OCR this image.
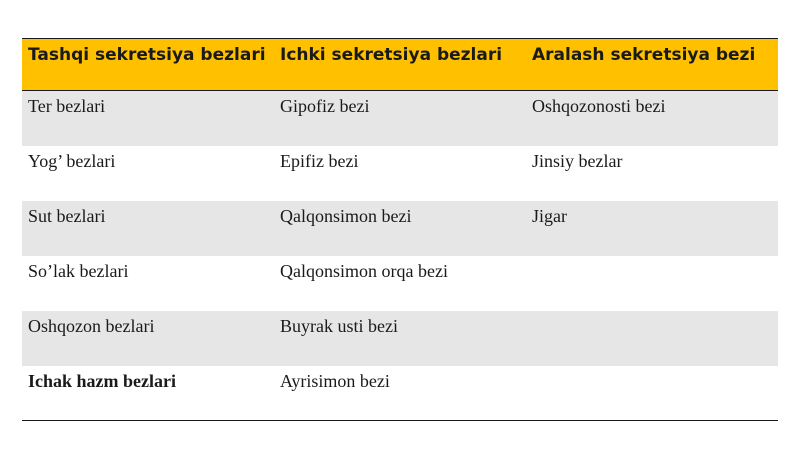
Tashqi sekretsiya bezlari	Ichki sekretsiya bezlari	Aralash sekretsiya bezi
Ter bezlari	Gipofiz bezi	Oshqozonosti bezi
Yog’ bezlari	Epifiz bezi	Jinsiy bezlar
Sut bezlari	Qalqonsimon bezi	Jigar
So’lak bezlari	Qalqonsimon orqa bezi	
Oshqozon bezlari	Buyrak usti bezi	
Ichak hazm bezlari	Ayrisimon bezi	
